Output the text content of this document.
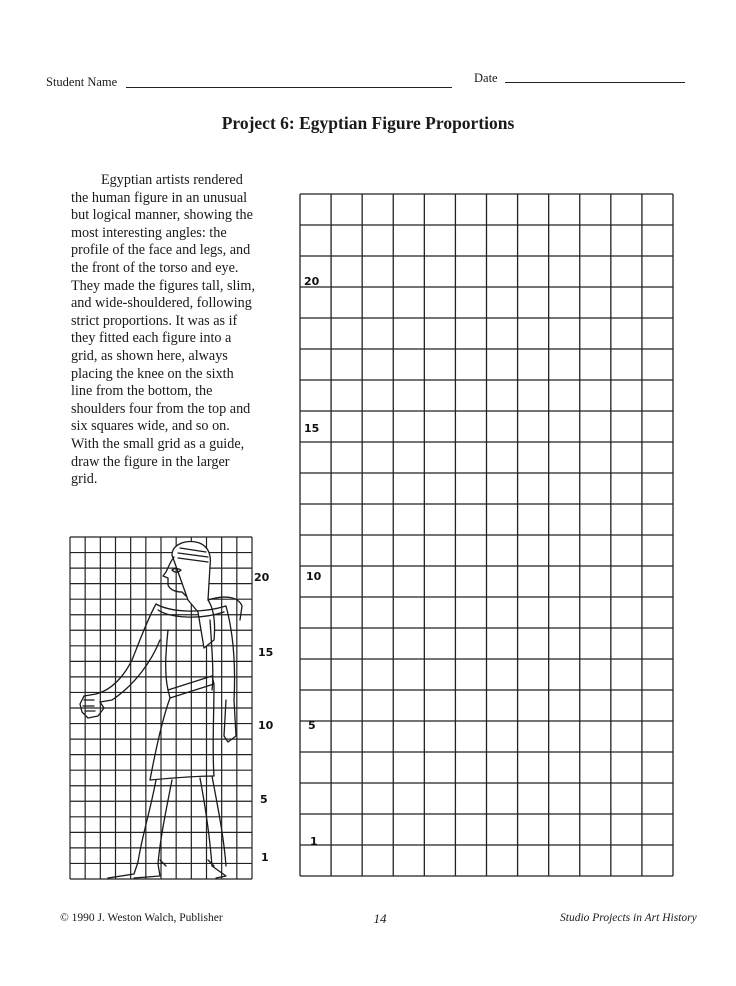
Student Name	Date
Project 6: Egyptian Figure Proportions

Egyptian artists rendered the human figure in an unusual but logical manner, showing the most interesting angles: the profile of the face and legs, and the front of the torso and eye. They made the figures tall, slim, and wide-shouldered, following strict proportions. It was as if they fitted each figure into a grid, as shown here, always placing the knee on the sixth line from the bottom, the shoulders four from the top and six squares wide, and so on. With the small grid as a guide, draw the figure in the larger grid.

20
15
10
5
1
20
15
10
5
1
© 1990 J. Weston Walch, Publisher	14	Studio Projects in Art History
